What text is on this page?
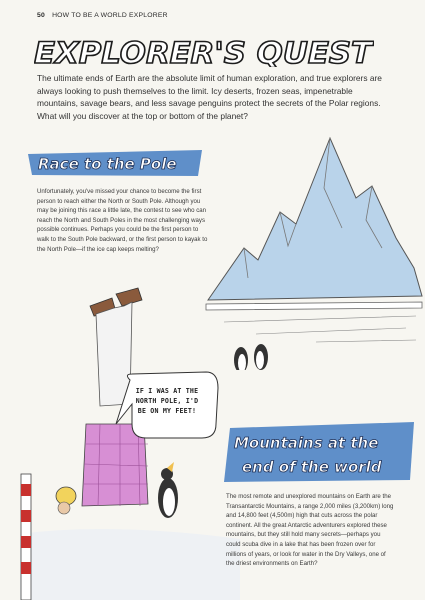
50 HOW TO BE A WORLD EXPLORER
EXPLORER'S QUEST
The ultimate ends of Earth are the absolute limit of human exploration, and true explorers are always looking to push themselves to the limit. Icy deserts, frozen seas, impenetrable mountains, savage bears, and less savage penguins protect the secrets of the Polar regions. What will you discover at the top or bottom of the planet?
Race to the Pole
Unfortunately, you've missed your chance to become the first person to reach either the North or South Pole. Although you may be joining this race a little late, the contest to see who can reach the North and South Poles in the most challenging ways possible continues. Perhaps you could be the first person to walk to the South Pole backward, or the first person to kayak to the North Pole—if the ice cap keeps melting?
IF I WAS AT THE
NORTH POLE, I'D
BE ON MY FEET!
Mountains at the
end of the world
The most remote and unexplored mountains on Earth are the Transantarctic Mountains, a range 2,000 miles (3,200km) long and 14,800 feet (4,500m) high that cuts across the polar continent. All the great Antarctic adventurers explored these mountains, but they still hold many secrets—perhaps you could scuba dive in a lake that has been frozen over for millions of years, or look for water in the Dry Valleys, one of the driest environments on Earth?
